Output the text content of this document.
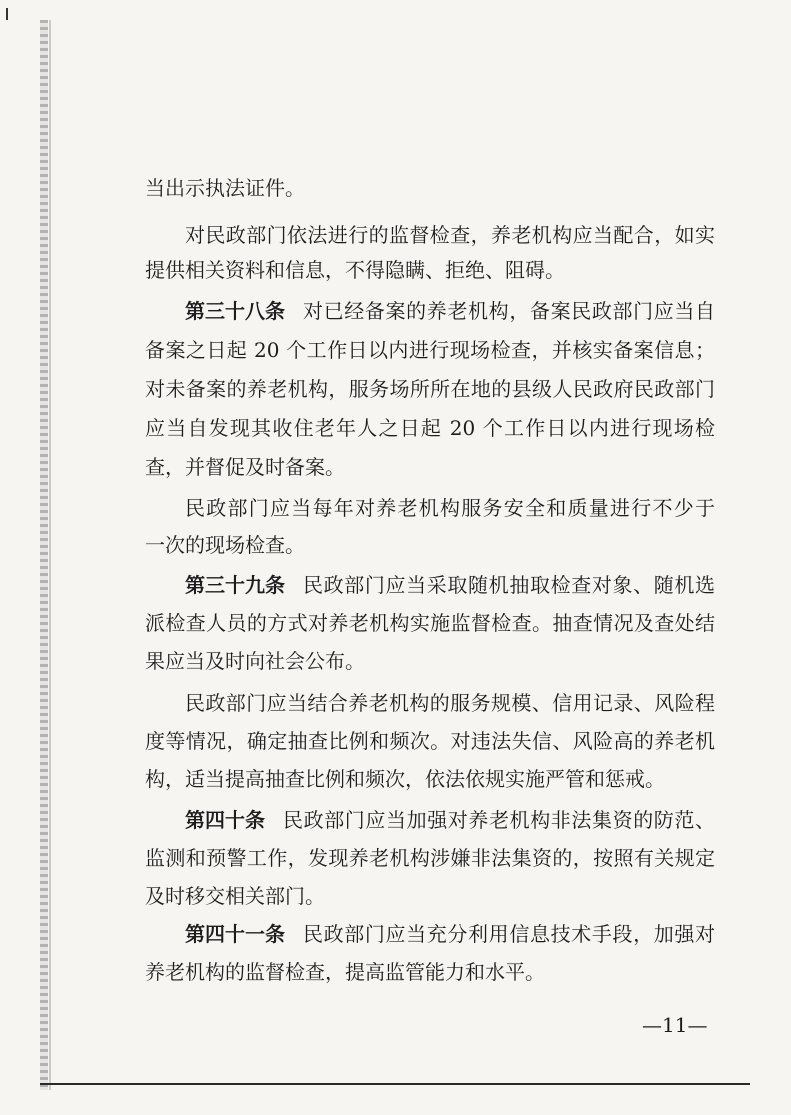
当出示执法证件。
对民政部门依法进行的监督检查，养老机构应当配合，如实
提供相关资料和信息，不得隐瞒、拒绝、阻碍。
第三十八条 对已经备案的养老机构，备案民政部门应当自
备案之日起 20 个工作日以内进行现场检查，并核实备案信息；
对未备案的养老机构，服务场所所在地的县级人民政府民政部门
应当自发现其收住老年人之日起 20 个工作日以内进行现场检
查，并督促及时备案。
民政部门应当每年对养老机构服务安全和质量进行不少于
一次的现场检查。
第三十九条 民政部门应当采取随机抽取检查对象、随机选
派检查人员的方式对养老机构实施监督检查。抽查情况及查处结
果应当及时向社会公布。
民政部门应当结合养老机构的服务规模、信用记录、风险程
度等情况，确定抽查比例和频次。对违法失信、风险高的养老机
构，适当提高抽查比例和频次，依法依规实施严管和惩戒。
第四十条 民政部门应当加强对养老机构非法集资的防范、
监测和预警工作，发现养老机构涉嫌非法集资的，按照有关规定
及时移交相关部门。
第四十一条 民政部门应当充分利用信息技术手段，加强对
养老机构的监督检查，提高监管能力和水平。
—11—
